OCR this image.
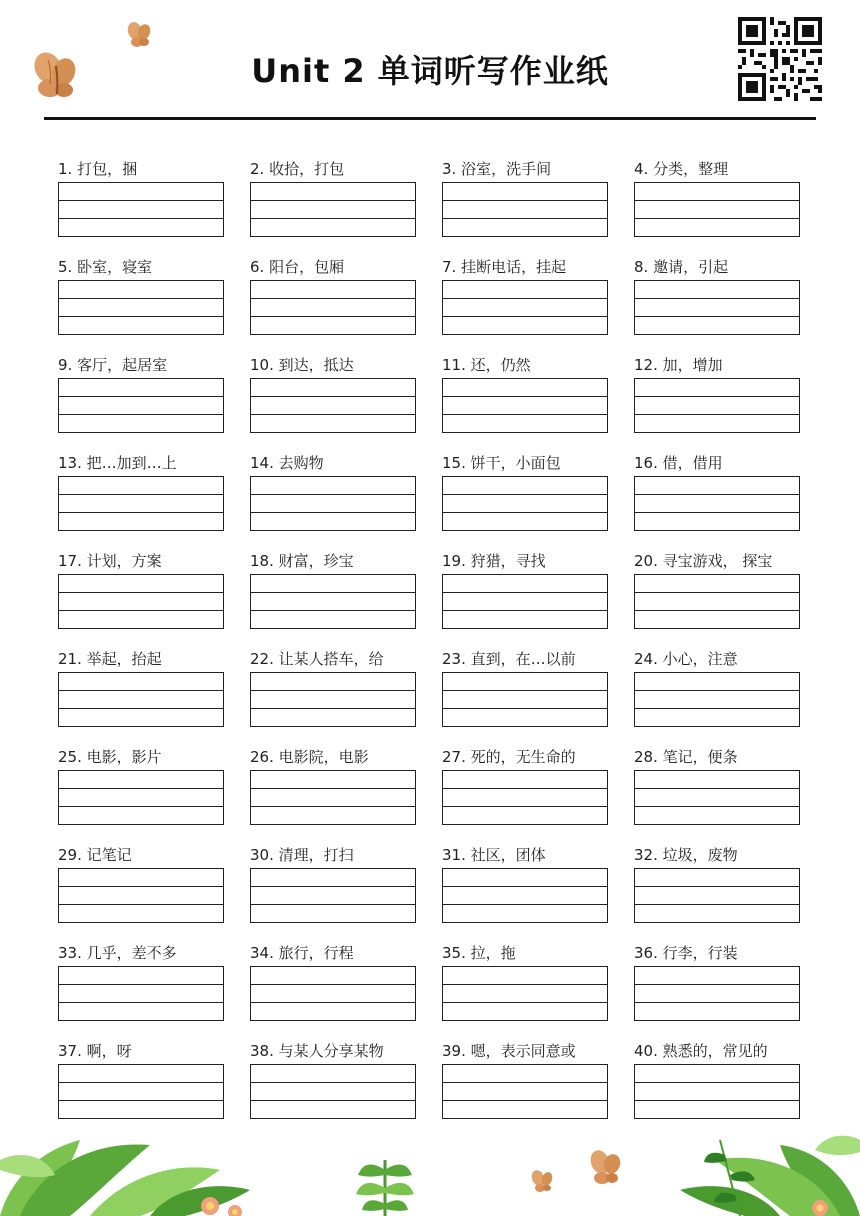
Unit 2 单词听写作业纸
1. 打包，捆	2. 收拾，打包	3. 浴室，洗手间	4. 分类，整理
5. 卧室，寝室	6. 阳台，包厢	7. 挂断电话，挂起	8. 邀请，引起
9. 客厅，起居室	10. 到达，抵达	11. 还，仍然	12. 加，增加
13. 把…加到…上	14. 去购物	15. 饼干，小面包	16. 借，借用
17. 计划，方案	18. 财富，珍宝	19. 狩猎，寻找	20. 寻宝游戏， 探宝
21. 举起，抬起	22. 让某人搭车，给	23. 直到，在…以前	24. 小心，注意
25. 电影，影片	26. 电影院，电影	27. 死的，无生命的	28. 笔记，便条
29. 记笔记	30. 清理，打扫	31. 社区，团体	32. 垃圾，废物
33. 几乎，差不多	34. 旅行，行程	35. 拉，拖	36. 行李，行装
37. 啊，呀	38. 与某人分享某物	39. 嗯，表示同意或	40. 熟悉的，常见的
